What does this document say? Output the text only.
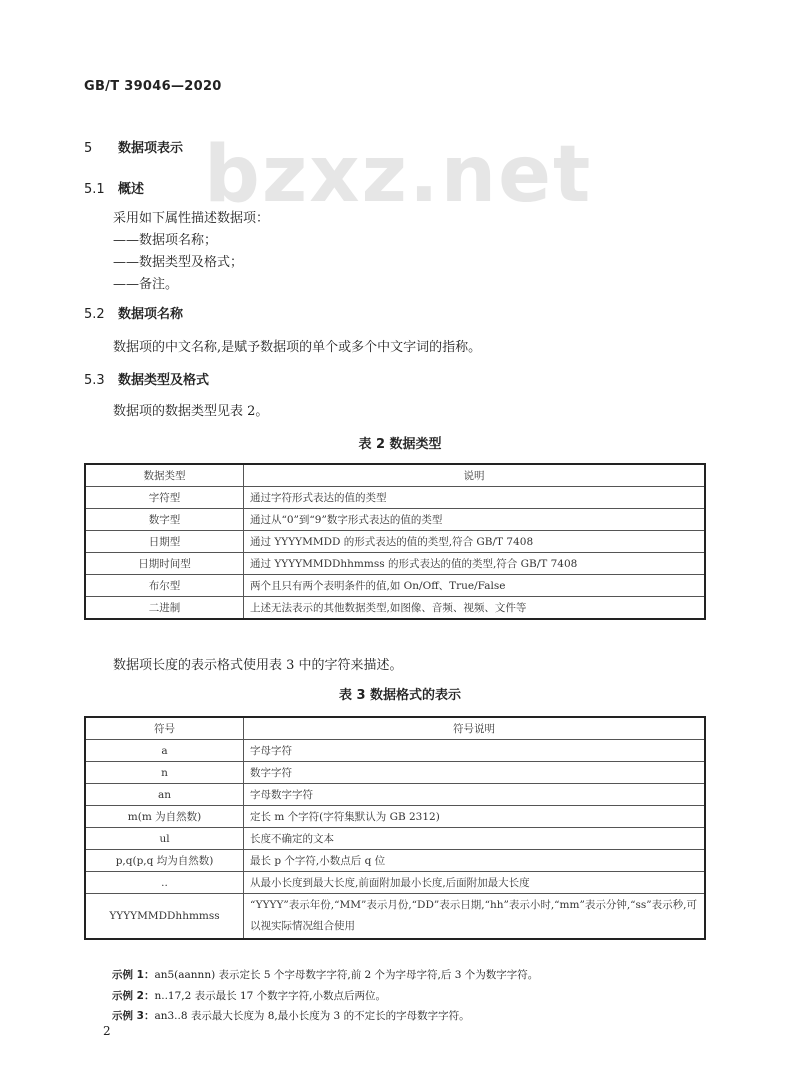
GB/T 39046—2020
bzxz.net
5 数据项表示
5.1 概述
采用如下属性描述数据项：
——数据项名称；
——数据类型及格式；
——备注。
5.2 数据项名称
数据项的中文名称,是赋予数据项的单个或多个中文字词的指称。
5.3 数据类型及格式
数据项的数据类型见表 2。
表 2 数据类型
数据类型	说明
字符型	通过字符形式表达的值的类型
数字型	通过从“0”到“9”数字形式表达的值的类型
日期型	通过 YYYYMMDD 的形式表达的值的类型,符合 GB/T 7408
日期时间型	通过 YYYYMMDDhhmmss 的形式表达的值的类型,符合 GB/T 7408
布尔型	两个且只有两个表明条件的值,如 On/Off、True/False
二进制	上述无法表示的其他数据类型,如图像、音频、视频、文件等
数据项长度的表示格式使用表 3 中的字符来描述。
表 3 数据格式的表示
符号	符号说明
a	字母字符
n	数字字符
an	字母数字字符
m(m 为自然数)	定长 m 个字符(字符集默认为 GB 2312)
ul	长度不确定的文本
p,q(p,q 均为自然数)	最长 p 个字符,小数点后 q 位
..	从最小长度到最大长度,前面附加最小长度,后面附加最大长度
YYYYMMDDhhmmss	“YYYY”表示年份,“MM”表示月份,“DD”表示日期,“hh”表示小时,“mm”表示分钟,“ss”表示秒,可以视实际情况组合使用
示例 1：an5(aannn) 表示定长 5 个字母数字字符,前 2 个为字母字符,后 3 个为数字字符。
示例 2：n..17,2 表示最长 17 个数字字符,小数点后两位。
示例 3：an3..8 表示最大长度为 8,最小长度为 3 的不定长的字母数字字符。
2
